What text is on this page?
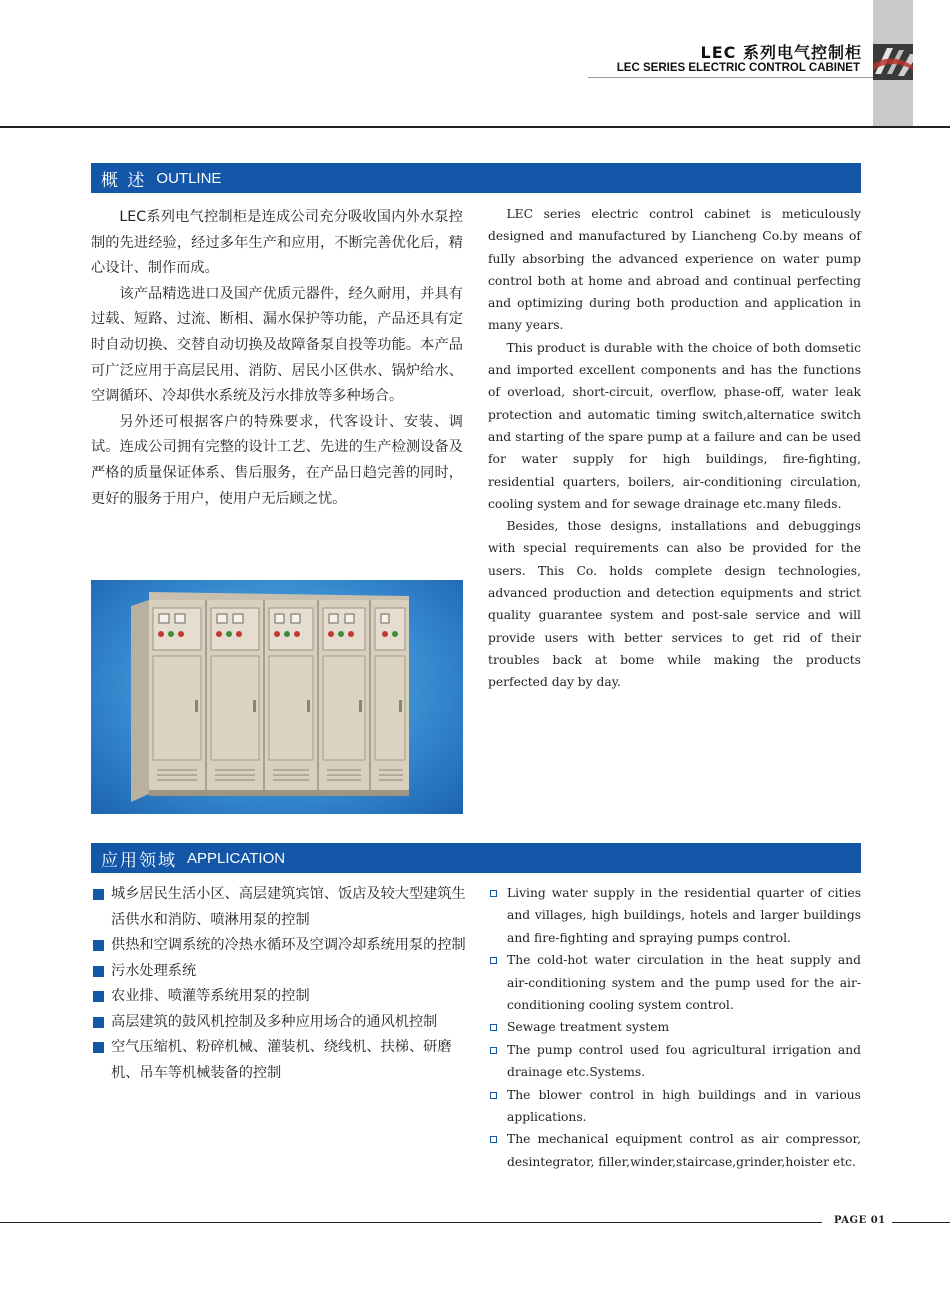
LEC 系列电气控制柜
LEC SERIES ELECTRIC CONTROL CABINET
概 述 OUTLINE

LEC系列电气控制柜是连成公司充分吸收国内外水泵控制的先进经验，经过多年生产和应用，不断完善优化后，精心设计、制作而成。

该产品精选进口及国产优质元器件，经久耐用，并具有过载、短路、过流、断相、漏水保护等功能，产品还具有定时自动切换、交替自动切换及故障备泵自投等功能。本产品可广泛应用于高层民用、消防、居民小区供水、锅炉给水、空调循环、冷却供水系统及污水排放等多种场合。

另外还可根据客户的特殊要求，代客设计、安装、调试。连成公司拥有完整的设计工艺、先进的生产检测设备及严格的质量保证体系、售后服务，在产品日趋完善的同时，更好的服务于用户，使用户无后顾之忧。

LEC series electric control cabinet is meticulously designed and manufactured by Liancheng Co.by means of fully absorbing the advanced experience on water pump control both at home and abroad and continual perfecting and optimizing during both production and application in many years.

This product is durable with the choice of both domsetic and imported excellent components and has the functions of overload, short-circuit, overflow, phase-off, water leak protection and automatic timing switch,alternatice switch and starting of the spare pump at a failure and can be used for water supply for high buildings, fire-fighting, residential quarters, boilers, air-conditioning circulation, cooling system and for sewage drainage etc.many fileds.

Besides, those designs, installations and debuggings with special requirements can also be provided for the users. This Co. holds complete design technologies, advanced production and detection equipments and strict quality guarantee system and post-sale service and will provide users with better services to get rid of their troubles back at bome while making the products perfected day by day.

应用领域 APPLICATION
城乡居民生活小区、高层建筑宾馆、饭店及较大型建筑生活供水和消防、喷淋用泵的控制
供热和空调系统的冷热水循环及空调冷却系统用泵的控制
污水处理系统
农业排、喷灌等系统用泵的控制
高层建筑的鼓风机控制及多种应用场合的通风机控制
空气压缩机、粉碎机械、灌装机、绕线机、扶梯、研磨机、吊车等机械装备的控制
Living water supply in the residential quarter of cities and villages, high buildings, hotels and larger buildings and fire-fighting and spraying pumps control.
The cold-hot water circulation in the heat supply and air-conditioning system and the pump used for the air-conditioning cooling system control.
Sewage treatment system
The pump control used fou agricultural irrigation and drainage etc.Systems.
The blower control in high buildings and in various applications.
The mechanical equipment control as air compressor, desintegrator, filler,winder,staircase,grinder,hoister etc.
PAGE 01
